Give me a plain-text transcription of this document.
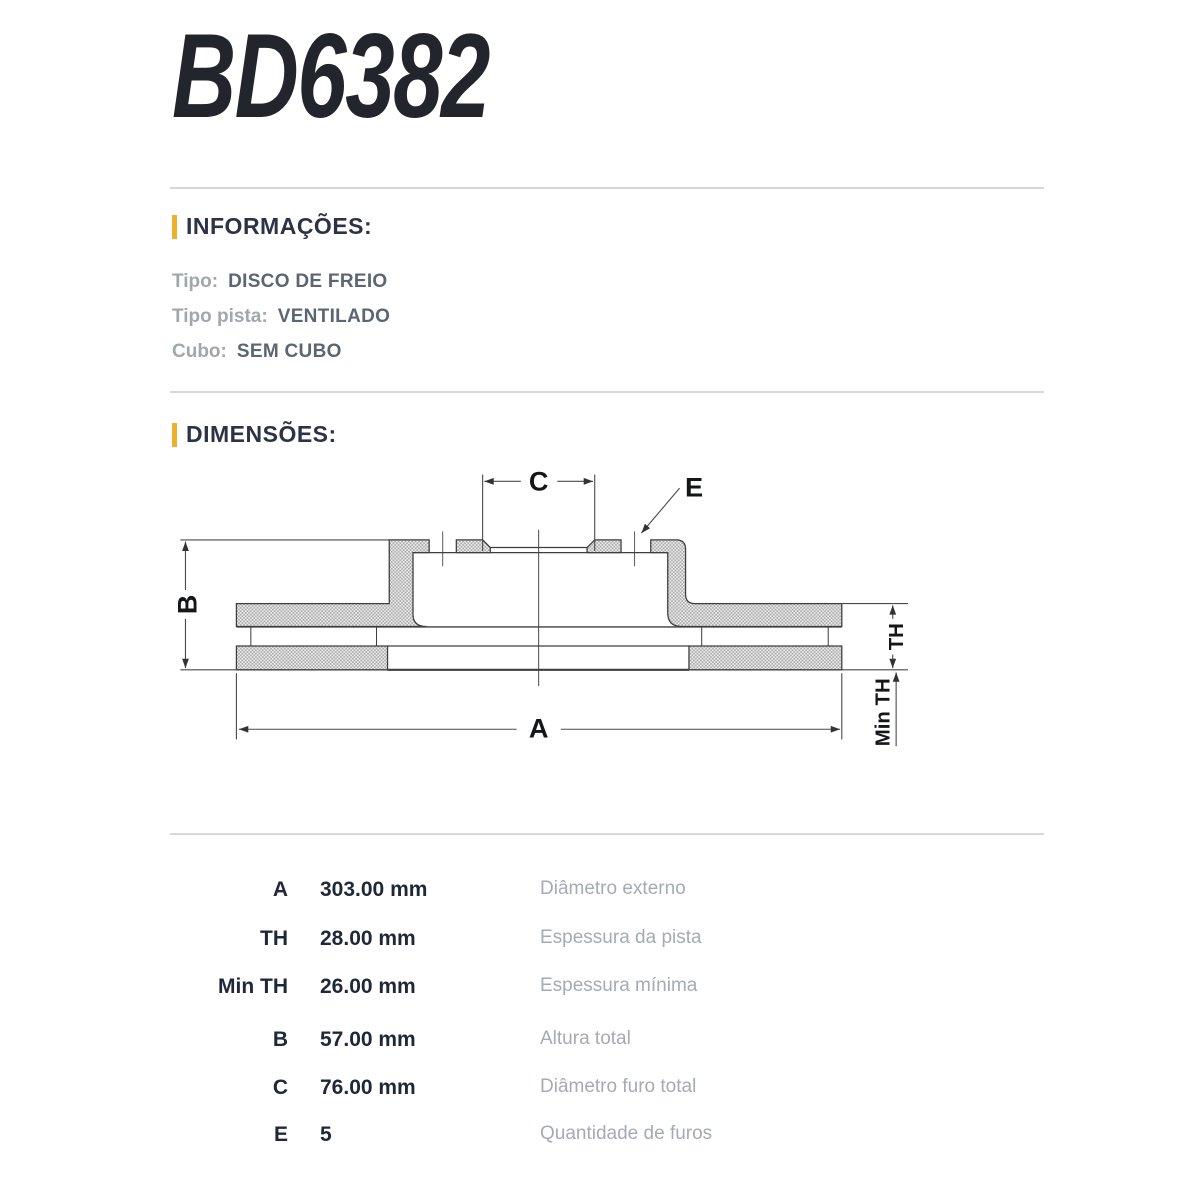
BD6382
INFORMAÇÕES:
Tipo: DISCO DE FREIO
Tipo pista: VENTILADO
Cubo: SEM CUBO
DIMENSÕES:
C	E
B
A
TH
Min TH
A 303.00 mm	Diâmetro externo
TH 28.00 mm	Espessura da pista
Min TH 26.00 mm	Espessura mínima
B 57.00 mm	Altura total
C 76.00 mm	Diâmetro furo total
E 5	Quantidade de furos
